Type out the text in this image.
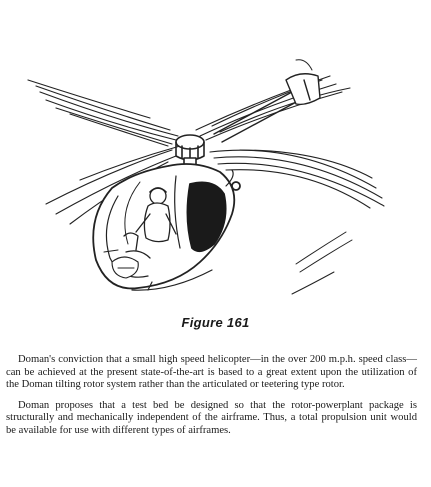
Figure 161

Doman's conviction that a small high speed helicopter—in the over 200 m.p.h. speed class—can be achieved at the present state-of-the-art is based to a great extent upon the utilization of the Doman tilting rotor system rather than the articulated or teetering type rotor.

Doman proposes that a test bed be designed so that the rotor-powerplant package is structurally and mechanically independent of the airframe. Thus, a total propulsion unit would be available for use with different types of airframes.
